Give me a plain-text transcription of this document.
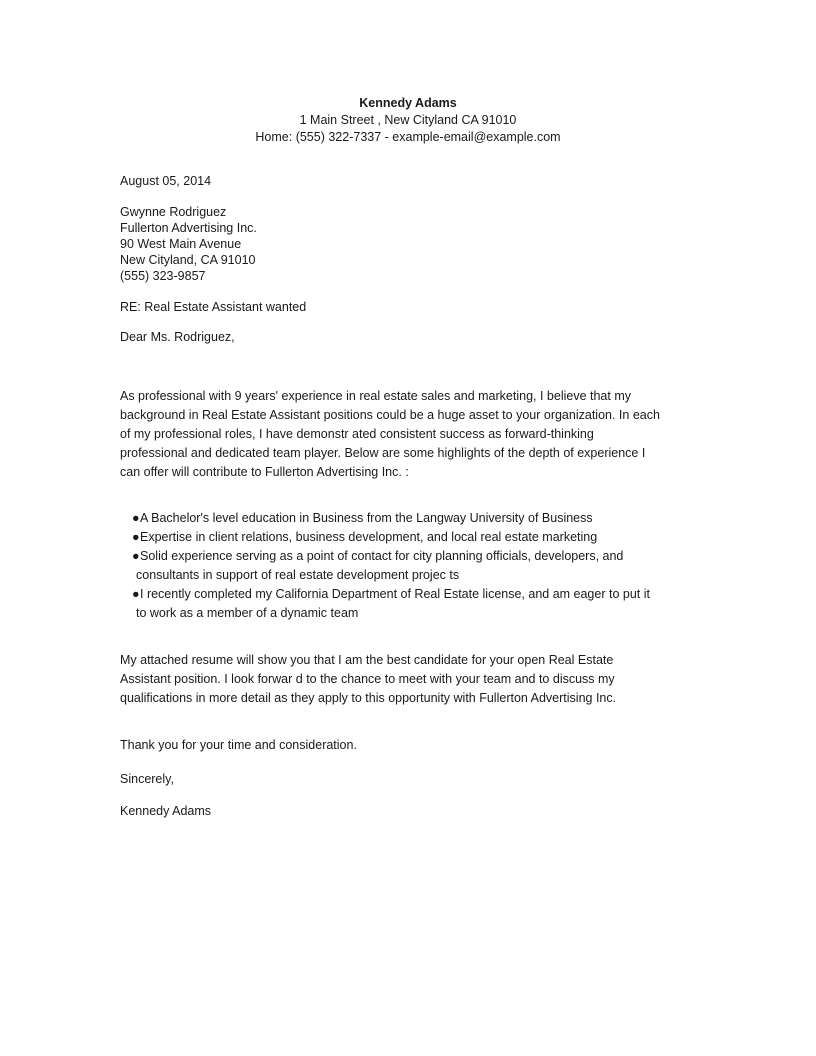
Kennedy Adams
1 Main Street , New Cityland CA 91010
Home: (555) 322-7337 - example-email@example.com
August 05, 2014
Gwynne Rodriguez
Fullerton Advertising Inc.
90 West Main Avenue
New Cityland, CA 91010
(555) 323-9857
RE: Real Estate Assistant wanted
Dear Ms. Rodriguez,
As professional with 9 years' experience in real estate sales and marketing, I believe that my
background in Real Estate Assistant positions could be a huge asset to your organization. In each
of my professional roles, I have demonstr ated consistent success as forward-thinking
professional and dedicated team player. Below are some highlights of the depth of experience I
can offer will contribute to Fullerton Advertising Inc. :
●A Bachelor's level education in Business from the Langway University of Business
●Expertise in client relations, business development, and local real estate marketing
●Solid experience serving as a point of contact for city planning officials, developers, and
consultants in support of real estate development projec ts
●I recently completed my California Department of Real Estate license, and am eager to put it
to work as a member of a dynamic team
My attached resume will show you that I am the best candidate for your open Real Estate
Assistant position. I look forwar d to the chance to meet with your team and to discuss my
qualifications in more detail as they apply to this opportunity with Fullerton Advertising Inc.
Thank you for your time and consideration.
Sincerely,
Kennedy Adams
